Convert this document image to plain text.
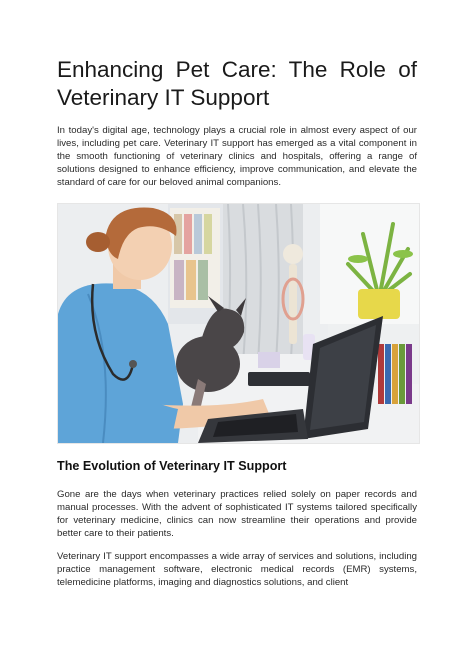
Enhancing Pet Care: The Role of
Veterinary IT Support

In today's digital age, technology plays a crucial role in almost every aspect of our lives, including pet care. Veterinary IT support has emerged as a vital component in the smooth functioning of veterinary clinics and hospitals, offering a range of solutions designed to enhance efficiency, improve communication, and elevate the standard of care for our beloved animal companions.

The Evolution of Veterinary IT Support

Gone are the days when veterinary practices relied solely on paper records and manual processes. With the advent of sophisticated IT systems tailored specifically for veterinary medicine, clinics can now streamline their operations and provide better care to their patients.

Veterinary IT support encompasses a wide array of services and solutions, including practice management software, electronic medical records (EMR) systems, telemedicine platforms, imaging and diagnostics solutions, and client
